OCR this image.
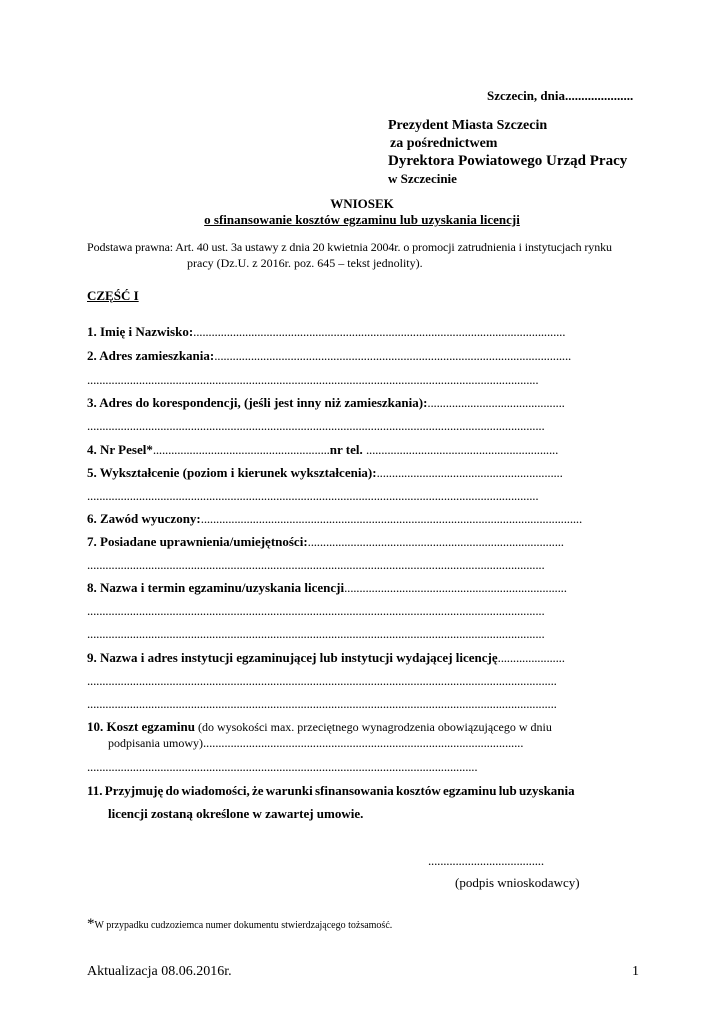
Szczecin, dnia.....................
Prezydent Miasta Szczecin
za pośrednictwem
Dyrektora Powiatowego Urząd Pracy
w Szczecinie
WNIOSEK
o sfinansowanie kosztów egzaminu lub uzyskania licencji
Podstawa prawna: Art. 40 ust. 3a ustawy z dnia 20 kwietnia 2004r. o promocji zatrudnienia i instytucjach rynku
pracy (Dz.U. z 2016r. poz. 645 – tekst jednolity).
CZĘŚĆ I
1. Imię i Nazwisko:..........................................................................................................................
2. Adres zamieszkania:.....................................................................................................................
....................................................................................................................................................
3. Adres do korespondencji, (jeśli jest inny niż zamieszkania):.............................................
......................................................................................................................................................
4. Nr Pesel*..........................................................nr tel. ...............................................................
5. Wykształcenie (poziom i kierunek wykształcenia):.............................................................
....................................................................................................................................................
6. Zawód wyuczony:.............................................................................................................................
7. Posiadane uprawnienia/umiejętności:....................................................................................
......................................................................................................................................................
8. Nazwa i termin egzaminu/uzyskania licencji.........................................................................
......................................................................................................................................................
......................................................................................................................................................
9. Nazwa i adres instytucji egzaminującej lub instytucji wydającej licencję......................
..........................................................................................................................................................
..........................................................................................................................................................
10. Koszt egzaminu (do wysokości max. przeciętnego wynagrodzenia obowiązującego w dniu
podpisania umowy).........................................................................................................
................................................................................................................................
11. Przyjmuję do wiadomości, że warunki sfinansowania kosztów egzaminu lub uzyskania
licencji zostaną określone w zawartej umowie.
......................................
(podpis wnioskodawcy)
*W przypadku cudzoziemca numer dokumentu stwierdzającego tożsamość.
Aktualizacja 08.06.2016r.	1
